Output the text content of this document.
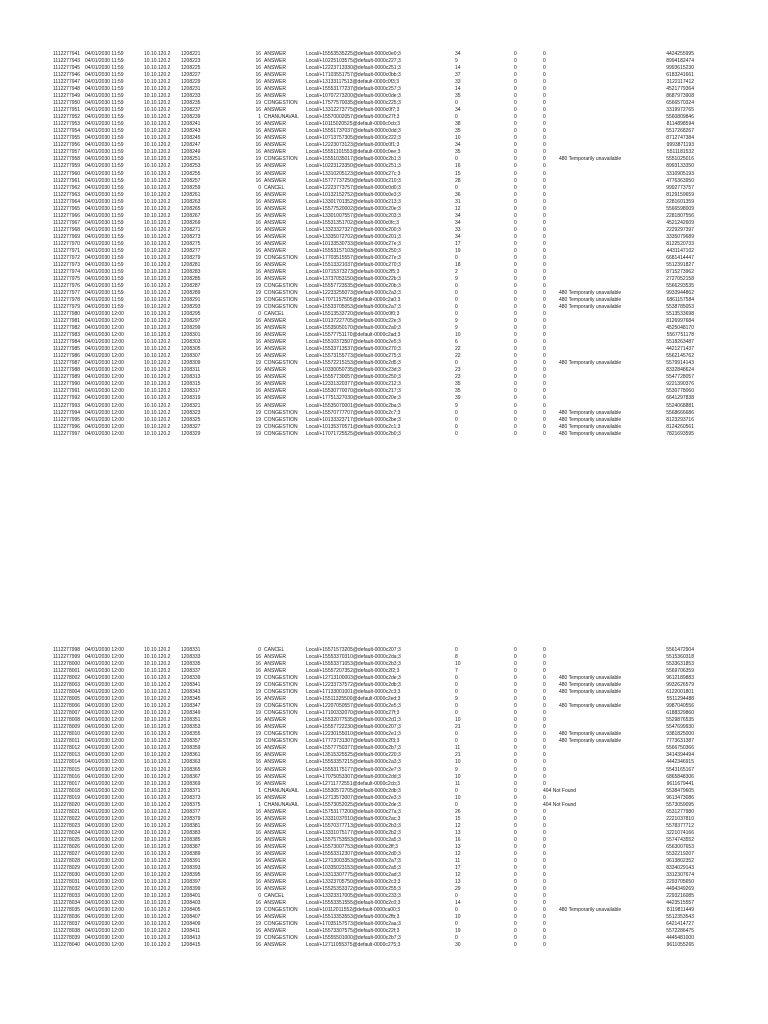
1112277941 04/01/2030 11:59	10.10.120.2 1208221	16 ANSWER	Local/+15553535225@default-0000c0e0;3	34	0	0	4424255995
1112277943 04/01/2030 11:59	10.10.120.2 1208223	16 ANSWER	Local/+10225103575@default-0000c227;3	9	0	0	8994182474
1112277945 04/01/2030 11:59	10.10.120.2 1208225	16 ANSWER	Local/+12223713330@default-0000c251;3	14	0	0	9993615230
1112277946 04/01/2030 11:59	10.10.120.2 1208227	16 ANSWER	Local/+17103551757@default-0000c0bb;3	37	0	0	6183241661
1112277947 04/01/2030 11:59	10.10.120.2 1208229	16 ANSWER	Local/+13133117513@default-0000c0f3;3	33	0	0	3122117412
1112277948 04/01/2030 11:59	10.10.120.2 1208231	16 ANSWER	Local/+15553177237@default-0000c257;3	14	0	0	4521779364
1112277949 04/01/2030 11:59	10.10.120.2 1208233	16 ANSWER	Local/+10707273200@default-0000c0de;3	35	0	0	8687973908
1112277950 04/01/2030 11:59	10.10.120.2 1208235	19 CONGESTION Local/+17577570035@default-0000c225;3	0	0	0	6566570324
1112277951 04/01/2030 11:59	10.10.120.2 1208237	16 ANSWER	Local/+13312273775@default-0000c0f7;3	34	0	0	3319972765
1112277952 04/01/2030 11:59	10.10.120.2 1208239	1 CHANUNAVAIL Local/+15570002057@default-0000c27f;3	0	0	0	5560809846
1112277953 04/01/2030 11:59	10.10.120.2 1208241	16 ANSWER	Local/+10115020525@default-0000c0cb;3	38	0	0	8114898594
1112277954 04/01/2030 11:59	10.10.120.2 1208243	16 ANSWER	Local/+15551737037@default-0000c0dd;3	35	0	0	5517268267
1112277955 04/01/2030 11:59	10.10.120.2 1208245	16 ANSWER	Local/+10713757305@default-0000c222;3	10	0	0	8712747384
1112277956 04/01/2030 11:59	10.10.120.2 1208247	16 ANSWER	Local/+12223073123@default-0000c0f1;3	34	0	0	9993871193
1112277957 04/01/2030 11:59	10.10.120.2 1208249	16 ANSWER	Local/+15551101553@default-0000c0ee;3	35	0	0	5511181532
1112277958 04/01/2030 11:59	10.10.120.2 1208251	19 CONGESTION Local/+15551035017@default-0000c2b1;3	0	0	0	480 Temporarily unavailable	5551025016
1112277959 04/01/2030 11:59	10.10.120.2 1208253	16 ANSWER	Local/+10223123350@default-0000c251;3	16	0	0	8993133350
1112277960 04/01/2030 11:59	10.10.120.2 1208255	16 ANSWER	Local/+13310205123@default-0000c27c;3	15	0	0	3310905193
1112277961 04/01/2030 11:59	10.10.120.2 1208257	16 ANSWER	Local/+15777737250@default-0000c210;3	28	0	0	4776363950
1112277962 04/01/2030 11:59	10.10.120.2 1208259	0 CANCEL	Local/+12223773757@default-0000c0d0;3	0	0	0	9992773757
1112277963 04/01/2030 11:59	10.10.120.2 1208261	16 ANSWER	Local/+10132152752@default-0000c0e3;3	36	0	0	8129159659
1112277964 04/01/2030 11:59	10.10.120.2 1208263	16 ANSWER	Local/+13301701352@default-0000c213;3	31	0	0	2281601359
1112277965 04/01/2030 11:59	10.10.120.2 1208265	16 ANSWER	Local/+15577520002@default-0000c20e;3	12	0	0	5566598009
1112277966 04/01/2030 11:59	10.10.120.2 1208267	16 ANSWER	Local/+13301007557@default-0000c203;3	34	0	0	2281807556
1112277967 04/01/2030 11:59	10.10.120.2 1208269	16 ANSWER	Local/+15531351702@default-0000c0fc;3	34	0	0	4521242609
1112277968 04/01/2030 11:59	10.10.120.2 1208271	16 ANSWER	Local/+13323327327@default-0000c200;3	33	0	0	2229297397
1112277969 04/01/2030 11:59	10.10.120.2 1208273	16 ANSWER	Local/+13335072702@default-0000c201;3	34	0	0	3335079689
1112277970 04/01/2030 11:59	10.10.120.2 1208275	16 ANSWER	Local/+10133530733@default-0000c27e;3	17	0	0	8122520733
1112277971 04/01/2030 11:59	10.10.120.2 1208277	16 ANSWER	Local/+15553157103@default-0000c250;3	19	0	0	4431147102
1112277972 04/01/2030 11:59	10.10.120.2 1208279	19 CONGESTION Local/+17703515557@default-0000c27e;3	0	0	0	6681414447
1112277973 04/01/2030 11:59	10.10.120.2 1208281	16 ANSWER	Local/+15513321037@default-0000c270;3	18	0	0	5512391827
1112277974 04/01/2030 11:59	10.10.120.2 1208283	16 ANSWER	Local/+10715373273@default-0000c2f5;3	2	0	0	8715273962
1112277975 04/01/2030 11:59	10.10.120.2 1208285	16 ANSWER	Local/+13737053150@default-0000c22b;3	9	0	0	2727052158
1112277976 04/01/2030 11:59	10.10.120.2 1208287	19 CONGESTION Local/+15557723535@default-0000c20b;3	0	0	0	5566293535
1112277977 04/01/2030 11:59	10.10.120.2 1208289	19 CONGESTION Local/+12233255073@default-0000c2a3;3	0	0	0	480 Temporarily unavailable	9933944862
1112277978 04/01/2030 11:59	10.10.120.2 1208291	19 CONGESTION Local/+17071157505@default-0000c2a0;3	0	0	0	480 Temporarily unavailable	6861157584
1112277979 04/01/2030 11:59	10.10.120.2 1208293	19 CONGESTION Local/+15533705053@default-0000c2a7;3	0	0	0	480 Temporarily unavailable	5538785053
1112277980 04/01/2030 12:00	10.10.120.2 1208295	0 CANCEL	Local/+15513533720@default-0000c0f0;3	0	0	0	5513533698
1112277981 04/01/2030 12:00	10.10.120.2 1208297	16 ANSWER	Local/+10137227705@default-0000c22e;3	9	0	0	8126997684
1112277982 04/01/2030 12:00	10.10.120.2 1208299	16 ANSWER	Local/+15535050170@default-0000c2a0;3	9	0	0	4525048170
1112277983 04/01/2030 12:00	10.10.120.2 1208301	16 ANSWER	Local/+15577751170@default-0000c2ad;3	10	0	0	5567751178
1112277984 04/01/2030 12:00	10.10.120.2 1208303	16 ANSWER	Local/+15510373507@default-0000c2e5;3	6	0	0	5518263487
1112277985 04/01/2030 12:00	10.10.120.2 1208305	16 ANSWER	Local/+15533713537@default-0000c270;3	22	0	0	4421271437
1112277986 04/01/2030 12:00	10.10.120.2 1208307	16 ANSWER	Local/+15573155773@default-0000c275;3	22	0	0	5562145762
1112277987 04/01/2030 12:00	10.10.120.2 1208309	19 CONGESTION Local/+15572215153@default-0000c2d5;3	0	0	0	480 Temporarily unavailable	5579914143
1112277988 04/01/2030 12:00	10.10.120.2 1208311	16 ANSWER	Local/+10330050735@default-0000c23d;3	23	0	0	8332848624
1112277989 04/01/2030 12:00	10.10.120.2 1208313	16 ANSWER	Local/+15557730057@default-0000c250;3	23	0	0	5547728057
1112277990 04/01/2030 12:00	10.10.120.2 1208315	16 ANSWER	Local/+12331320377@default-0000c212;3	35	0	0	9221390376
1112277991 04/01/2030 12:00	10.10.120.2 1208317	16 ANSWER	Local/+15530770070@default-0000c217;3	35	0	0	5530778060
1112277992 04/01/2030 12:00	10.10.120.2 1208319	16 ANSWER	Local/+17751327030@default-0000c20e;3	39	0	0	6641297838
1112277993 04/01/2030 12:00	10.10.120.2 1208321	16 ANSWER	Local/+15535070001@default-0000c2ba;3	9	0	0	5524068881
1112277994 04/01/2030 12:00	10.10.120.2 1208323	19 CONGESTION Local/+15570777707@default-0000c2c7;3	0	0	0	480 Temporarily unavailable	5568666686
1112277995 04/01/2030 12:00	10.10.120.2 1208325	19 CONGESTION Local/+10133323717@default-0000c2be;3	0	0	0	480 Temporarily unavailable	8123293716
1112277996 04/01/2030 12:00	10.10.120.2 1208327	19 CONGESTION Local/+10135370571@default-0000c2c1;3	0	0	0	480 Temporarily unavailable	8124260561
1112277997 04/01/2030 12:00	10.10.120.2 1208329	19 CONGESTION Local/+17071725525@default-0000c2b0;3	0	0	0	480 Temporarily unavailable	7821693595
1112277998 04/01/2030 12:00	10.10.120.2 1208331	0 CANCEL	Local/+15571573205@default-0000c207;3	0	0	0	5561472904
1112277999 04/01/2030 12:00	10.10.120.2 1208333	16 ANSWER	Local/+15553370310@default-0000c2da;3	8	0	0	5515360318
1112278000 04/01/2030 12:00	10.10.120.2 1208335	16 ANSWER	Local/+15553371053@default-0000c2b3;3	10	0	0	5533631853
1112278001 04/01/2030 12:00	10.10.120.2 1208337	16 ANSWER	Local/+15557207352@default-0000c2f2;3	7	0	0	5569706359
1112278002 04/01/2030 12:00	10.10.120.2 1208339	19 CONGESTION Local/+12713100003@default-0000c2de;3	0	0	0	480 Temporarily unavailable	9612189883
1112278003 04/01/2030 12:00	10.10.120.2 1208341	19 CONGESTION Local/+12233737572@default-0000c2db;3	0	0	0	480 Temporarily unavailable	9932626579
1112278004 04/01/2030 12:00	10.10.120.2 1208343	19 CONGESTION Local/+17133001001@default-0000c2c3;3	0	0	0	480 Temporarily unavailable	6122001801
1112278005 04/01/2030 12:00	10.10.120.2 1208345	16 ANSWER	Local/+15511325500@default-0000c2ed;3	9	0	0	5511294488
1112278006 04/01/2030 12:00	10.10.120.2 1208347	19 CONGESTION Local/+12207050557@default-0000c2e5;3	0	0	0	480 Temporarily unavailable	9987040556
1112278007 04/01/2030 12:00	10.10.120.2 1208349	19 CONGESTION Local/+17100332070@default-0000c27f;3	0	0	0	6188329860
1112278008 04/01/2030 12:00	10.10.120.2 1208351	16 ANSWER	Local/+15532077535@default-0000c2d1;3	10	0	0	5529876535
1112278009 04/01/2030 12:00	10.10.120.2 1208353	16 ANSWER	Local/+15557722230@default-0000c207;3	21	0	0	5547699930
1112278010 04/01/2030 12:00	10.10.120.2 1208355	19 CONGESTION Local/+12230155010@default-0000c2e1;3	0	0	0	480 Temporarily unavailable	9381825000
1112278011 04/01/2030 12:00	10.10.120.2 1208357	19 CONGESTION Local/+17773731307@default-0000c2f3;3	0	0	0	480 Temporarily unavailable	7773631387
1112278012 04/01/2030 12:00	10.10.120.2 1208359	16 ANSWER	Local/+15577750377@default-0000c2b7;3	11	0	0	5566750366
1112278013 04/01/2030 12:00	10.10.120.2 1208361	16 ANSWER	Local/+13515325525@default-0000c220;3	21	0	0	3414394494
1112278014 04/01/2030 12:00	10.10.120.2 1208363	16 ANSWER	Local/+15553357215@default-0000c2a3;3	10	0	0	4442346915
1112278015 04/01/2030 12:00	10.10.120.2 1208365	16 ANSWER	Local/+15553175177@default-0000c2e7;3	9	0	0	5543165167
1112278016 04/01/2030 12:00	10.10.120.2 1208367	16 ANSWER	Local/+17075053307@default-0000c2dd;3	10	0	0	6865848306
1112278017 04/01/2030 12:00	10.10.120.2 1208369	16 ANSWER	Local/+12711772551@default-0000c2cb;3	11	0	0	9611679441
1112278018 04/01/2030 12:00	10.10.120.2 1208371	1 CHANUNAVAIL Local/+15530572705@default-0000c2db;3	0	0	404 Not Found	5538479605
1112278019 04/01/2030 12:00	10.10.120.2 1208373	16 ANSWER	Local/+12713573007@default-0000c2e3;3	10	0	0	9613473086
1112278020 04/01/2030 12:00	10.10.120.2 1208375	1 CHANUNAVAIL Local/+15573052025@default-0000c2de;3	0	0	404 Not Found	5573059095
1112278021 04/01/2030 12:00	10.10.120.2 1208377	16 ANSWER	Local/+15753177200@default-0000c27a;3	26	0	0	6531277980
1112278022 04/01/2030 12:00	10.10.120.2 1208379	16 ANSWER	Local/+13331037010@default-0000c2ac;3	15	0	0	2221037810
1112278023 04/01/2030 12:00	10.10.120.2 1208381	16 ANSWER	Local/+15570377713@default-0000c2b3;3	12	0	0	5578377712
1112278024 04/01/2030 12:00	10.10.120.2 1208383	16 ANSWER	Local/+13331075177@default-0000c2b2;3	13	0	0	3221074166
1112278025 04/01/2030 12:00	10.10.120.2 1208385	16 ANSWER	Local/+15575753553@default-0000c2a5;3	16	0	0	5574743552
1112278026 04/01/2030 12:00	10.10.120.2 1208387	16 ANSWER	Local/+15573007753@default-0000c2ff;3	13	0	0	6563007653
1112278027 04/01/2030 12:00	10.10.120.2 1208389	16 ANSWER	Local/+15553312307@default-0000c2d0;3	12	0	0	5532219207
1112278028 04/01/2030 12:00	10.10.120.2 1208391	16 ANSWER	Local/+12713003353@default-0000c2a7;3	11	0	0	9613802352
1112278029 04/01/2030 12:00	10.10.120.2 1208393	16 ANSWER	Local/+10335023153@default-0000c2a5;3	17	0	0	8334029143
1112278030 04/01/2030 12:00	10.10.120.2 1208395	16 ANSWER	Local/+13313307775@default-0000c2ad;3	12	0	0	3312307674
1112278031 04/01/2030 12:00	10.10.120.2 1208397	16 ANSWER	Local/+13323705750@default-0000c2c3;3	13	0	0	2293705650
1112278032 04/01/2030 12:00	10.10.120.2 1208399	16 ANSWER	Local/+15525353372@default-0000c255;3	29	0	0	4494349269
1112278033 04/01/2030 12:00	10.10.120.2 1208401	0 CANCEL	Local/+13323317005@default-0000c233;3	0	0	0	2293216085
1112278034 04/01/2030 12:00	10.10.120.2 1208403	16 ANSWER	Local/+15553351555@default-0000c2c0;3	14	0	0	4423515557
1112278035 04/01/2030 12:00	10.10.120.2 1208405	19 CONGESTION Local/+10112011552@default-0000ca00;3	0	0	0	480 Temporarily unavailable	8119811449
1112278036 04/01/2030 12:00	10.10.120.2 1208407	16 ANSWER	Local/+15513353553@default-0000c2fb;3	10	0	0	5512353543
1112278037 04/01/2030 12:00	10.10.120.2 1208409	19 CONGESTION Local/+17035157573@default-0000c2aa;3	0	0	0	6421414727
1112278038 04/01/2030 12:00	10.10.120.2 1208411	16 ANSWER	Local/+15573307575@default-0000c22f;3	19	0	0	5572286475
1112278039 04/01/2030 12:00	10.10.120.2 1208413	19 CONGESTION Local/+15555501000@default-0000c2b7;3	0	0	0	4445481000
1112278040 04/01/2030 12:00	10.10.120.2 1208415	16 ANSWER	Local/+12711055375@default-0000c275;3	30	0	0	9611055265
